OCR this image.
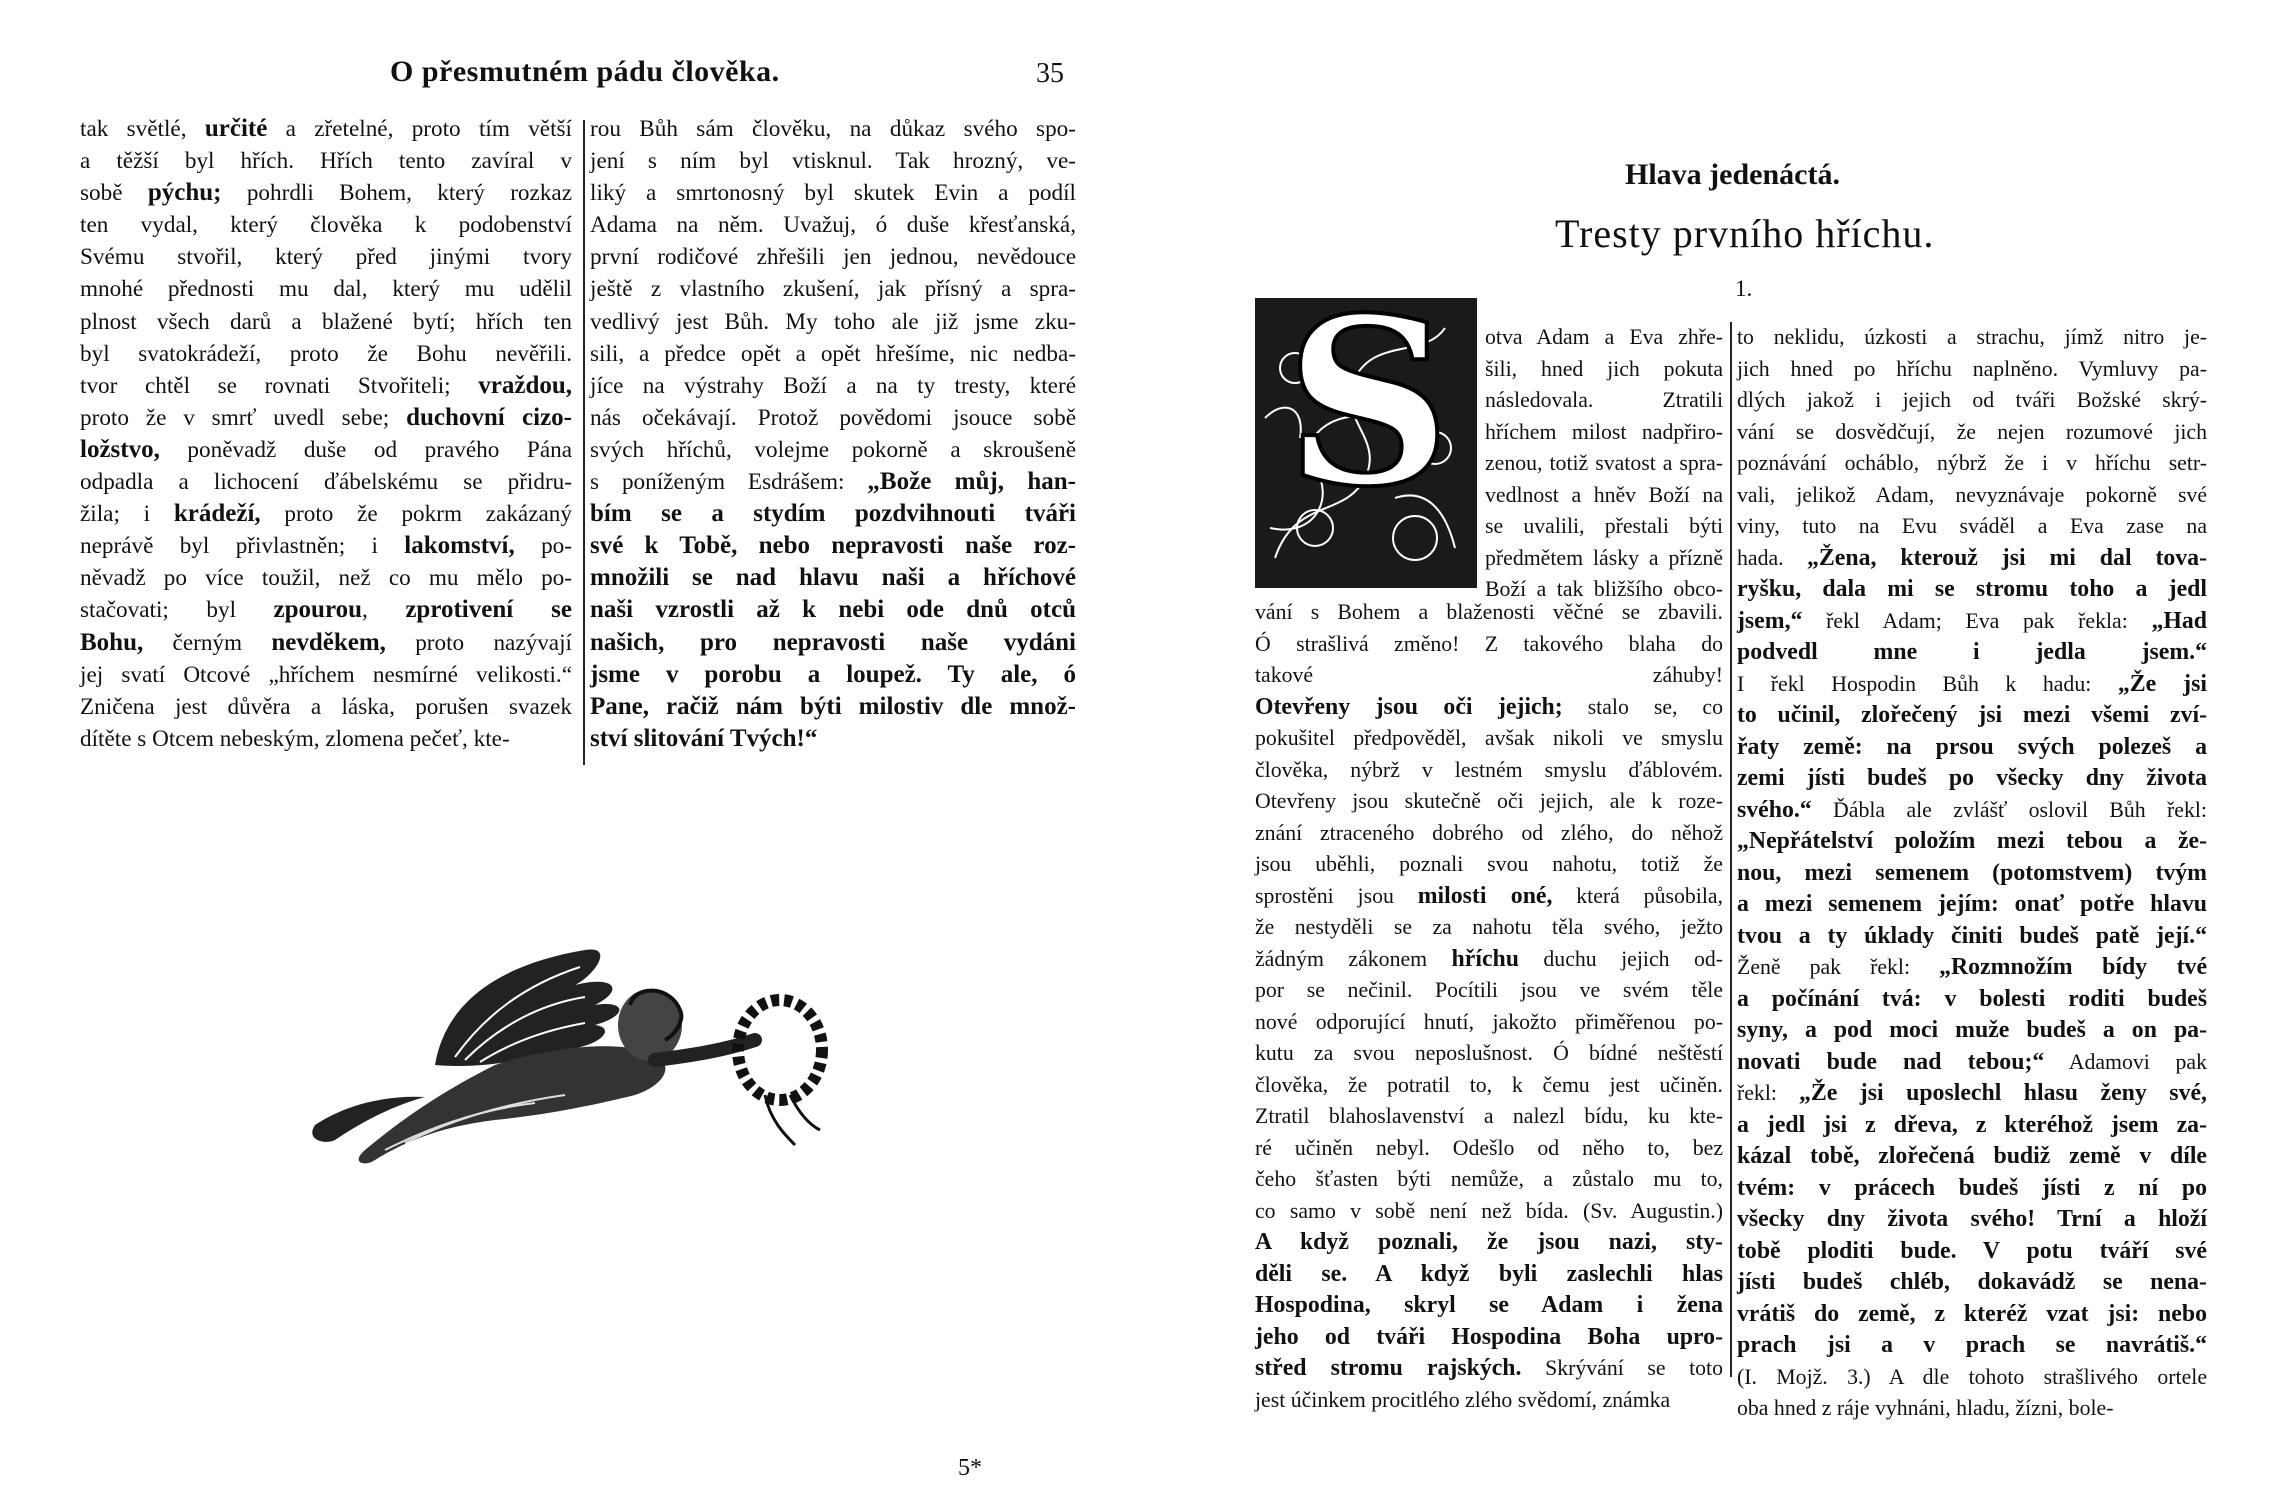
O přesmutném pádu člověka.	35

tak světlé, určité a zřetelné, proto tím větší

a těžší byl hřích. Hřích tento zavíral v

sobě pýchu; pohrdli Bohem, který rozkaz

ten vydal, který člověka k podobenství

Svému stvořil, který před jinými tvory

mnohé přednosti mu dal, který mu udělil

plnost všech darů a blažené bytí; hřích ten

byl svatokrádeží, proto že Bohu nevěřili.

tvor chtěl se rovnati Stvořiteli; vraždou,

proto že v smrť uvedl sebe; duchovní cizo-

ložstvo, poněvadž duše od pravého Pána

odpadla a lichocení ďábelskému se přidru-

žila; i krádeží, proto že pokrm zakázaný

neprávě byl přivlastněn; i lakomství, po-

něvadž po více toužil, než co mu mělo po-

stačovati; byl zpourou, zprotivení se

Bohu, černým nevděkem, proto nazývají

jej svatí Otcové „hříchem nesmírné velikosti.“

Zničena jest důvěra a láska, porušen svazek

dítěte s Otcem nebeským, zlomena pečeť, kte-

rou Bůh sám člověku, na důkaz svého spo-

jení s ním byl vtisknul. Tak hrozný, ve-

liký a smrtonosný byl skutek Evin a podíl

Adama na něm. Uvažuj, ó duše křesťanská,

první rodičové zhřešili jen jednou, nevědouce

ještě z vlastního zkušení, jak přísný a spra-

vedlivý jest Bůh. My toho ale již jsme zku-

sili, a předce opět a opět hřešíme, nic nedba-

jíce na výstrahy Boží a na ty tresty, které

nás očekávají. Protož povědomi jsouce sobě

svých hříchů, volejme pokorně a skroušeně

s poníženým Esdrášem: „Bože můj, han-

bím se a stydím pozdvihnouti tváři

své k Tobě, nebo nepravosti naše roz-

množili se nad hlavu naši a hříchové

naši vzrostli až k nebi ode dnů otců

našich, pro nepravosti naše vydáni

jsme v porobu a loupež. Ty ale, ó

Pane, račiž nám býti milostiv dle množ-

ství slitování Tvých!“

5*
Hlava jedenáctá.
Tresty prvního hříchu.
1.
S otva Adam a Eva zhře-

šili, hned jich pokuta

následovala. Ztratili

hříchem milost nadpřiro-

zenou, totiž svatost a spra-

vedlnost a hněv Boží na

se uvalili, přestali býti

předmětem lásky a přízně

Boží a tak bližšího obco-

vání s Bohem a blaženosti věčné se zbavili.

Ó strašlivá změno! Z takového blaha do

takové záhuby!

Otevřeny jsou oči jejich; stalo se, co

pokušitel předpověděl, avšak nikoli ve smyslu

člověka, nýbrž v lestném smyslu ďáblovém.

Otevřeny jsou skutečně oči jejich, ale k roze-

znání ztraceného dobrého od zlého, do něhož

jsou uběhli, poznali svou nahotu, totiž že

sprostěni jsou milosti oné, která působila,

že nestyděli se za nahotu těla svého, ježto

žádným zákonem hříchu duchu jejich od-

por se nečinil. Pocítili jsou ve svém těle

nové odporující hnutí, jakožto přiměřenou po-

kutu za svou neposlušnost. Ó bídné neštěstí

člověka, že potratil to, k čemu jest učiněn.

Ztratil blahoslavenství a nalezl bídu, ku kte-

ré učiněn nebyl. Odešlo od něho to, bez

čeho šťasten býti nemůže, a zůstalo mu to,

co samo v sobě není než bída. (Sv. Augustin.)

A když poznali, že jsou nazi, sty-

děli se. A když byli zaslechli hlas

Hospodina, skryl se Adam i žena

jeho od tváři Hospodina Boha upro-

střed stromu rajských. Skrývání se toto

jest účinkem procitlého zlého svědomí, známka

to neklidu, úzkosti a strachu, jímž nitro je-

jich hned po hříchu naplněno. Vymluvy pa-

dlých jakož i jejich od tváři Božské skrý-

vání se dosvědčují, že nejen rozumové jich

poznávání ocháblo, nýbrž že i v hříchu setr-

vali, jelikož Adam, nevyznávaje pokorně své

viny, tuto na Evu sváděl a Eva zase na

hada. „Žena, kterouž jsi mi dal tova-

ryšku, dala mi se stromu toho a jedl

jsem,“ řekl Adam; Eva pak řekla: „Had

podvedl mne i jedla jsem.“

I řekl Hospodin Bůh k hadu: „Že jsi

to učinil, zlořečený jsi mezi všemi zví-

řaty země: na prsou svých polezeš a

zemi jísti budeš po všecky dny života

svého.“ Ďábla ale zvlášť oslovil Bůh řekl:

„Nepřátelství položím mezi tebou a že-

nou, mezi semenem (potomstvem) tvým

a mezi semenem jejím: onať potře hlavu

tvou a ty úklady činiti budeš patě její.“

Ženě pak řekl: „Rozmnožím bídy tvé

a počínání tvá: v bolesti roditi budeš

syny, a pod moci muže budeš a on pa-

novati bude nad tebou;“ Adamovi pak

řekl: „Že jsi uposlechl hlasu ženy své,

a jedl jsi z dřeva, z kteréhož jsem za-

kázal tobě, zlořečená budiž země v díle

tvém: v prácech budeš jísti z ní po

všecky dny života svého! Trní a hloží

tobě ploditi bude. V potu tváří své

jísti budeš chléb, dokavádž se nena-

vrátiš do země, z kteréž vzat jsi: nebo

prach jsi a v prach se navrátiš.“

(I. Mojž. 3.) A dle tohoto strašlivého ortele

oba hned z ráje vyhnáni, hladu, žízni, bole-
